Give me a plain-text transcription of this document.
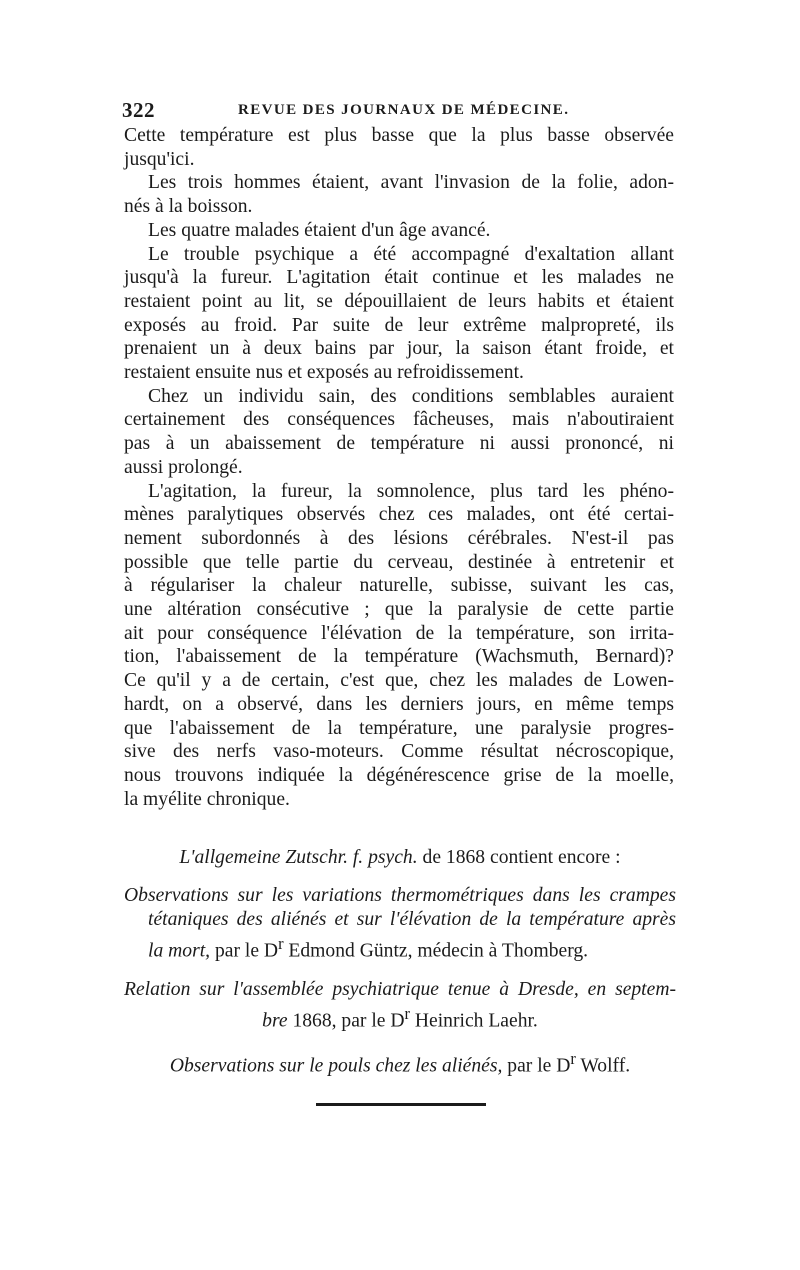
322	REVUE DES JOURNAUX DE MÉDECINE.
Cette température est plus basse que la plus basse observée
jusqu'ici.
Les trois hommes étaient, avant l'invasion de la folie, adon-
nés à la boisson.
Les quatre malades étaient d'un âge avancé.
Le trouble psychique a été accompagné d'exaltation allant
jusqu'à la fureur. L'agitation était continue et les malades ne
restaient point au lit, se dépouillaient de leurs habits et étaient
exposés au froid. Par suite de leur extrême malpropreté, ils
prenaient un à deux bains par jour, la saison étant froide, et
restaient ensuite nus et exposés au refroidissement.
Chez un individu sain, des conditions semblables auraient
certainement des conséquences fâcheuses, mais n'aboutiraient
pas à un abaissement de température ni aussi prononcé, ni
aussi prolongé.
L'agitation, la fureur, la somnolence, plus tard les phéno-
mènes paralytiques observés chez ces malades, ont été certai-
nement subordonnés à des lésions cérébrales. N'est-il pas
possible que telle partie du cerveau, destinée à entretenir et
à régulariser la chaleur naturelle, subisse, suivant les cas,
une altération consécutive ; que la paralysie de cette partie
ait pour conséquence l'élévation de la température, son irrita-
tion, l'abaissement de la température (Wachsmuth, Bernard)?
Ce qu'il y a de certain, c'est que, chez les malades de Lowen-
hardt, on a observé, dans les derniers jours, en même temps
que l'abaissement de la température, une paralysie progres-
sive des nerfs vaso-moteurs. Comme résultat nécroscopique,
nous trouvons indiquée la dégénérescence grise de la moelle,
la myélite chronique.
L'allgemeine Zutschr. f. psych. de 1868 contient encore :
Observations sur les variations thermométriques dans les crampes
tétaniques des aliénés et sur l'élévation de la température après
la mort, par le $D^r$ Edmond Güntz, médecin à Thomberg.
Relation sur l'assemblée psychiatrique tenue à Dresde, en septem-
bre 1868, par le $D^r$ Heinrich Laehr.
Observations sur le pouls chez les aliénés, par le $D^r$ Wolff.
